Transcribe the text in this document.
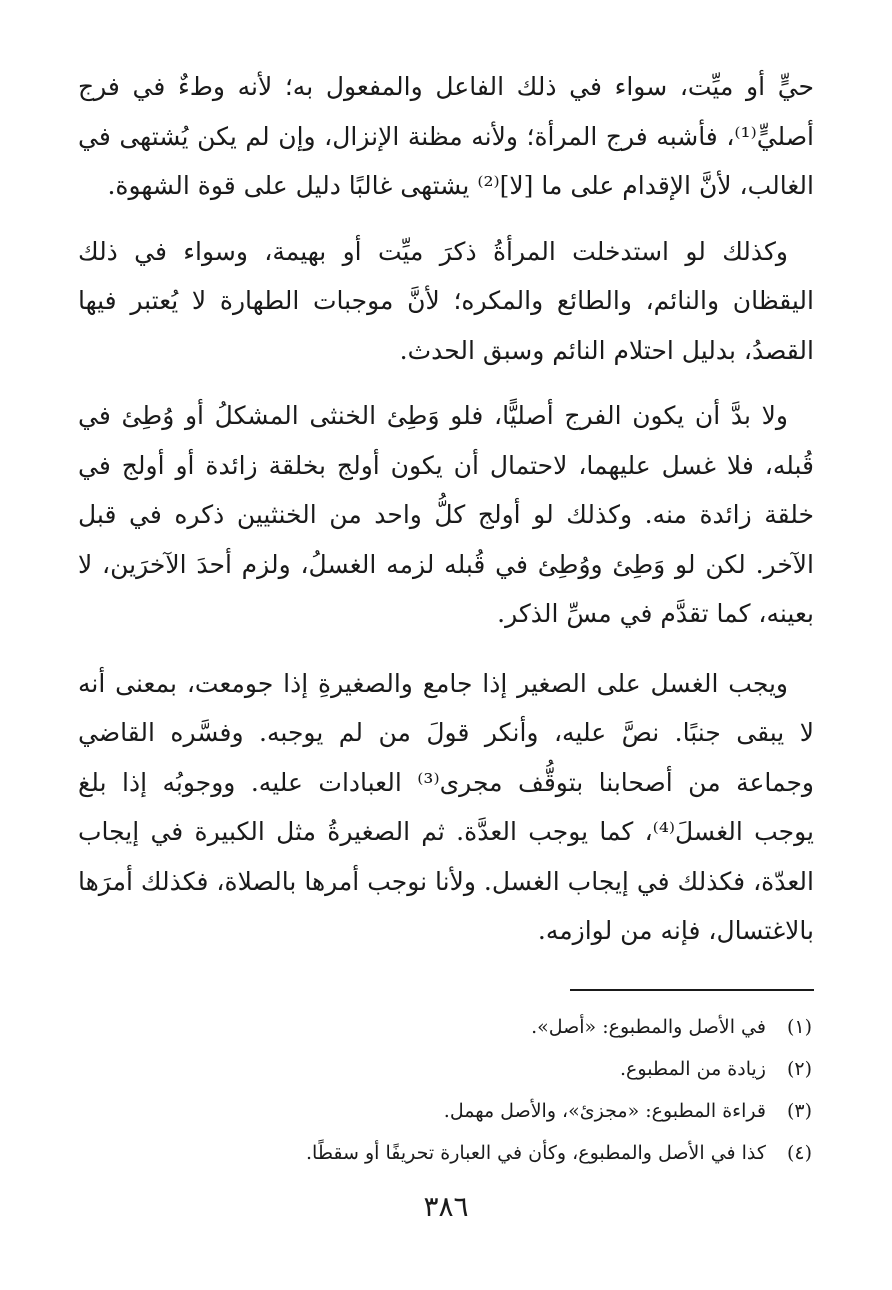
حيٍّ أو ميِّت، سواء في ذلك الفاعل والمفعول به؛ لأنه وطءٌ في فرج أصليٍّ⁽¹⁾، فأشبه فرج المرأة؛ ولأنه مظنة الإنزال، وإن لم يكن يُشتهى في الغالب، لأنَّ الإقدام على ما [لا]⁽²⁾ يشتهى غالبًا دليل على قوة الشهوة.

وكذلك لو استدخلت المرأةُ ذكرَ ميِّت أو بهيمة، وسواء في ذلك اليقظان والنائم، والطائع والمكره؛ لأنَّ موجبات الطهارة لا يُعتبر فيها القصدُ، بدليل احتلام النائم وسبق الحدث.

ولا بدَّ أن يكون الفرج أصليًّا، فلو وَطِئ الخنثى المشكلُ أو وُطِئ في قُبله، فلا غسل عليهما، لاحتمال أن يكون أولج بخلقة زائدة أو أولج في خلقة زائدة منه. وكذلك لو أولج كلُّ واحد من الخنثيين ذكره في قبل الآخر. لكن لو وَطِئ ووُطِئ في قُبله لزمه الغسلُ، ولزم أحدَ الآخرَين، لا بعينه، كما تقدَّم في مسِّ الذكر.

ويجب الغسل على الصغير إذا جامع والصغيرةِ إذا جومعت، بمعنى أنه لا يبقى جنبًا. نصَّ عليه، وأنكر قولَ من لم يوجبه. وفسَّره القاضي وجماعة من أصحابنا بتوقُّف مجرى⁽³⁾ العبادات عليه. ووجوبُه إذا بلغ يوجب الغسلَ⁽⁴⁾، كما يوجب العدَّة. ثم الصغيرةُ مثل الكبيرة في إيجاب العدّة، فكذلك في إيجاب الغسل. ولأنا نوجب أمرها بالصلاة، فكذلك أمرَها بالاغتسال، فإنه من لوازمه.

(١) في الأصل والمطبوع: «أصل».

(٢) زيادة من المطبوع.

(٣) قراءة المطبوع: «مجزئ»، والأصل مهمل.

(٤) كذا في الأصل والمطبوع، وكأن في العبارة تحريفًا أو سقطًا.

٣٨٦
